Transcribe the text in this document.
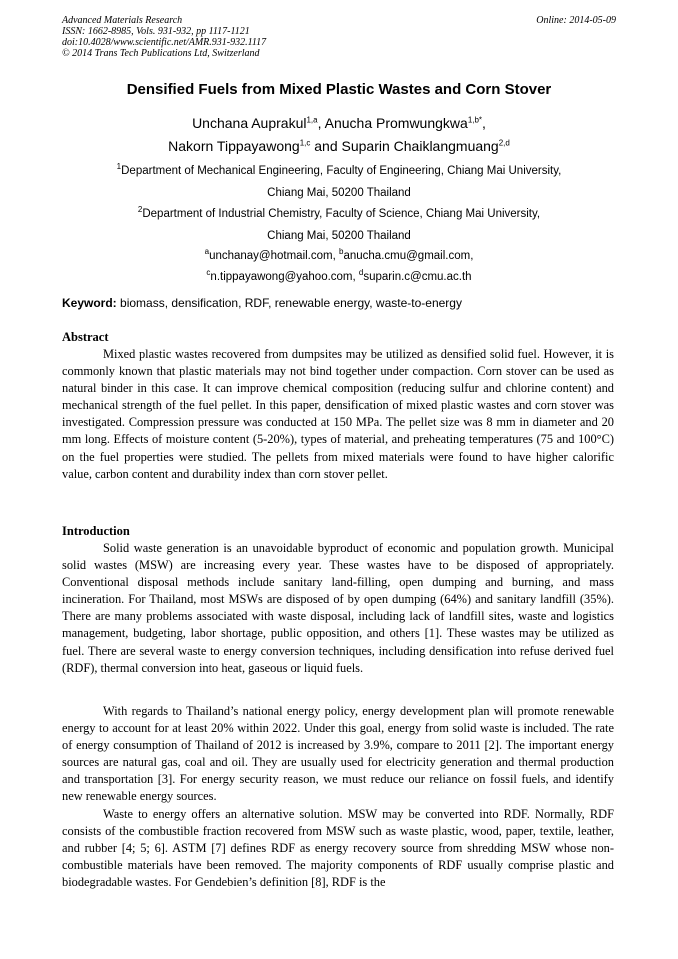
Advanced Materials Research
ISSN: 1662-8985, Vols. 931-932, pp 1117-1121
doi:10.4028/www.scientific.net/AMR.931-932.1117
© 2014 Trans Tech Publications Ltd, Switzerland
Online: 2014-05-09
Densified Fuels from Mixed Plastic Wastes and Corn Stover
Unchana Auprakul$^{1,a}$, Anucha Promwungkwa$^{1,b*}$,
Nakorn Tippayawong$^{1,c}$ and Suparin Chaiklangmuang$^{2,d}$
$^1$Department of Mechanical Engineering, Faculty of Engineering, Chiang Mai University,
Chiang Mai, 50200 Thailand
$^2$Department of Industrial Chemistry, Faculty of Science, Chiang Mai University,
Chiang Mai, 50200 Thailand
$^a$unchanay@hotmail.com, $^b$anucha.cmu@gmail.com,
$^c$n.tippayawong@yahoo.com, $^d$suparin.c@cmu.ac.th
Keyword: biomass, densification, RDF, renewable energy, waste-to-energy
Abstract
Mixed plastic wastes recovered from dumpsites may be utilized as densified solid fuel. However, it is commonly known that plastic materials may not bind together under compaction. Corn stover can be used as natural binder in this case. It can improve chemical composition (reducing sulfur and chlorine content) and mechanical strength of the fuel pellet. In this paper, densification of mixed plastic wastes and corn stover was investigated. Compression pressure was conducted at 150 MPa. The pellet size was 8 mm in diameter and 20 mm long. Effects of moisture content (5-20%), types of material, and preheating temperatures (75 and 100°C) on the fuel properties were studied. The pellets from mixed materials were found to have higher calorific value, carbon content and durability index than corn stover pellet.
Introduction
Solid waste generation is an unavoidable byproduct of economic and population growth. Municipal solid wastes (MSW) are increasing every year. These wastes have to be disposed of appropriately. Conventional disposal methods include sanitary land-filling, open dumping and burning, and mass incineration. For Thailand, most MSWs are disposed of by open dumping (64%) and sanitary landfill (35%). There are many problems associated with waste disposal, including lack of landfill sites, waste and logistics management, budgeting, labor shortage, public opposition, and others [1]. These wastes may be utilized as fuel. There are several waste to energy conversion techniques, including densification into refuse derived fuel (RDF), thermal conversion into heat, gaseous or liquid fuels.
With regards to Thailand’s national energy policy, energy development plan will promote renewable energy to account for at least 20% within 2022. Under this goal, energy from solid waste is included. The rate of energy consumption of Thailand of 2012 is increased by 3.9%, compare to 2011 [2]. The important energy sources are natural gas, coal and oil. They are usually used for electricity generation and thermal production and transportation [3]. For energy security reason, we must reduce our reliance on fossil fuels, and identify new renewable energy sources.
Waste to energy offers an alternative solution. MSW may be converted into RDF. Normally, RDF consists of the combustible fraction recovered from MSW such as waste plastic, wood, paper, textile, leather, and rubber [4; 5; 6]. ASTM [7] defines RDF as energy recovery source from shredding MSW whose non-combustible materials have been removed. The majority components of RDF usually comprise plastic and biodegradable wastes. For Gendebien’s definition [8], RDF is the
